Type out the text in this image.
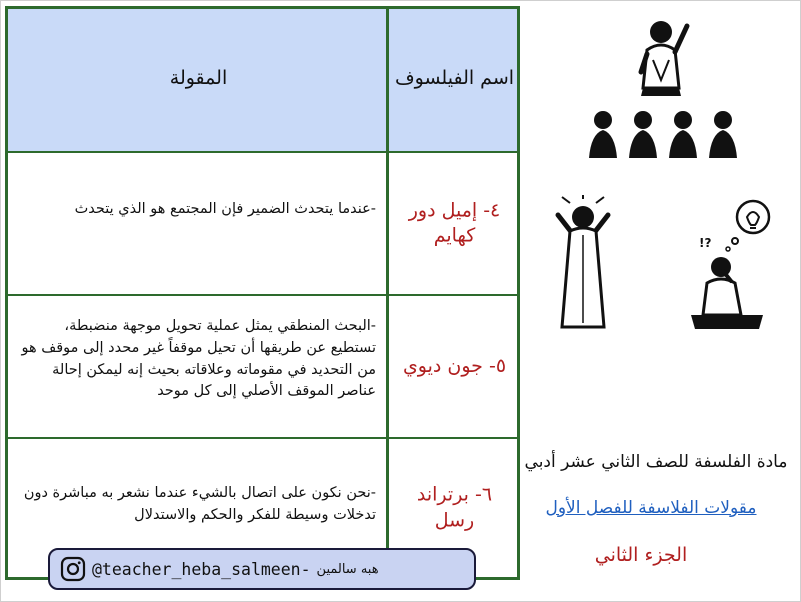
المقولة	اسم الفيلسوف
-عندما يتحدث الضمير فإن المجتمع هو الذي يتحدث	٤- إميل دور كهايم
-البحث المنطقي يمثل عملية تحويل موجهة منضبطة، تستطيع عن طريقها أن تحيل موقفاً غير محدد إلى موقف هو من التحديد في مقوماته وعلاقاته بحيث إنه ليمكن إحالة عناصر الموقف الأصلي إلى كل موحد
٥- جون ديوي
-نحن نكون على اتصال بالشيء عندما نشعر به مباشرة دون تدخلات وسيطة للفكر والحكم والاستدلال
٦- برتراند رسل
@teacher_heba_salmeen- هبه سالمين
!?
مادة الفلسفة للصف الثاني عشر أدبي
مقولات الفلاسفة للفصل الأول
الجزء الثاني
